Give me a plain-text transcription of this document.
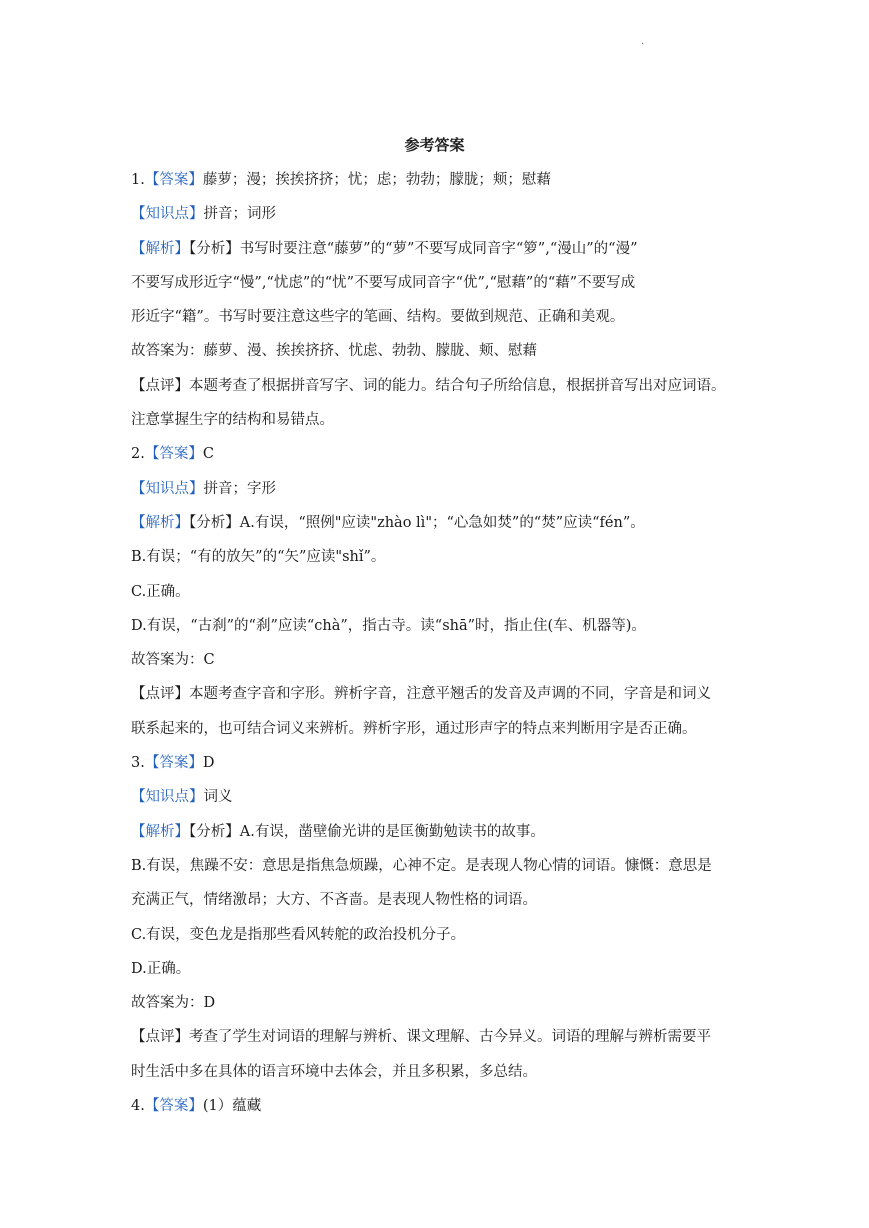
.
参考答案
1.【答案】藤萝；漫；挨挨挤挤；忧；虑；勃勃；朦胧；颊；慰藉
【知识点】拼音；词形
【解析】【分析】书写时要注意“藤萝”的“萝”不要写成同音字“箩”,“漫山”的“漫”
不要写成形近字“慢”,“忧虑”的“忧”不要写成同音字“优”,“慰藉”的“藉”不要写成
形近字“籍”。书写时要注意这些字的笔画、结构。要做到规范、正确和美观。
故答案为：藤萝、漫、挨挨挤挤、忧虑、勃勃、朦胧、颊、慰藉
【点评】本题考查了根据拼音写字、词的能力。结合句子所给信息，根据拼音写出对应词语。
注意掌握生字的结构和易错点。
2.【答案】C
【知识点】拼音；字形
【解析】【分析】A.有误，“照例"应读"zhào lì"；“心急如焚”的“焚”应读“fén”。
B.有误；“有的放矢”的“矢”应读"shǐ”。
C.正确。
D.有误，“古刹”的“刹”应读“chà”，指古寺。读“shā”时，指止住(车、机器等)。
故答案为：C
【点评】本题考查字音和字形。辨析字音，注意平翘舌的发音及声调的不同，字音是和词义
联系起来的，也可结合词义来辨析。辨析字形，通过形声字的特点来判断用字是否正确。
3.【答案】D
【知识点】词义
【解析】【分析】A.有误，凿壁偷光讲的是匡衡勤勉读书的故事。
B.有误，焦躁不安：意思是指焦急烦躁，心神不定。是表现人物心情的词语。慷慨：意思是
充满正气，情绪激昂；大方、不吝啬。是表现人物性格的词语。
C.有误，变色龙是指那些看风转舵的政治投机分子。
D.正确。
故答案为：D
【点评】考查了学生对词语的理解与辨析、课文理解、古今异义。词语的理解与辨析需要平
时生活中多在具体的语言环境中去体会，并且多积累，多总结。
4.【答案】(1）蕴藏
